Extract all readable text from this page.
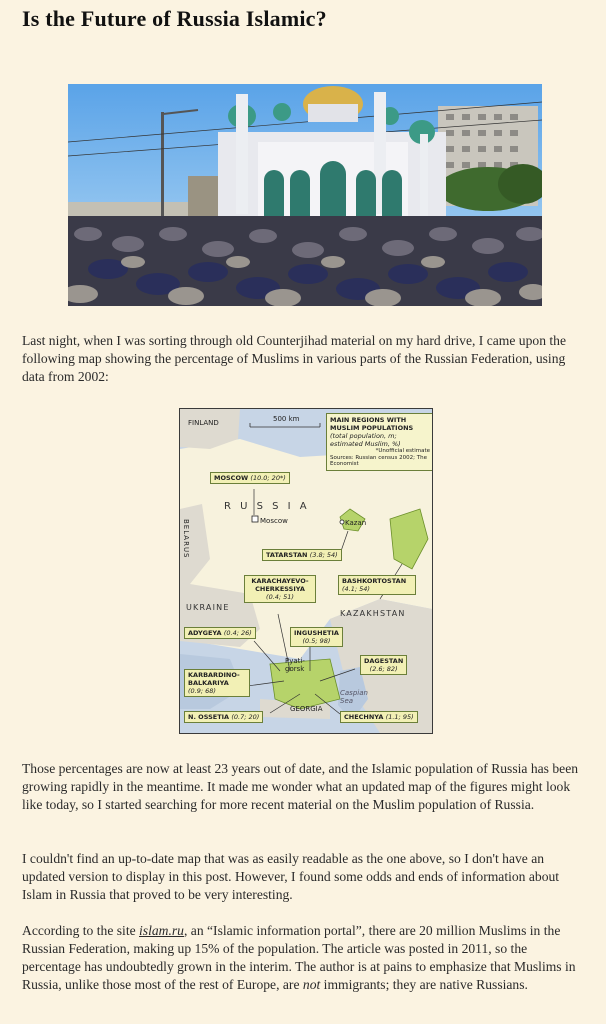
Is the Future of Russia Islamic?

Last night, when I was sorting through old Counterjihad material on my hard drive, I came upon the following map showing the percentage of Muslims in various parts of the Russian Federation, using data from 2002:

FINLAND	500 km
R U S S I A
BELARUS
UKRAINE
KAZAKHSTAN
GEORGIA
Caspian Sea
Moscow	Kazan
Pyati-gorsk
MAIN REGIONS WITH MUSLIM POPULATIONS
(total population, m; estimated Muslim, %)
*Unofficial estimate
Sources: Russian census 2002; The Economist
MOSCOW (10.0; 20*)
TATARSTAN (3.8; 54)
BASHKORTOSTAN
(4.1; 54)
KARACHAYEVO-CHERKESSIYA
(0.4; 51)
ADYGEYA (0.4; 26)	INGUSHETIA
(0.5; 98)
DAGESTAN
(2.6; 82)
KARBARDINO-BALKARIYA
(0.9; 68)
N. OSSETIA (0.7; 20)	CHECHNYA (1.1; 95)

Those percentages are now at least 23 years out of date, and the Islamic population of Russia has been growing rapidly in the meantime. It made me wonder what an updated map of the figures might look like today, so I started searching for more recent material on the Muslim population of Russia.

I couldn't find an up-to-date map that was as easily readable as the one above, so I don't have an updated version to display in this post. However, I found some odds and ends of information about Islam in Russia that proved to be very interesting.

According to the site islam.ru, an “Islamic information portal”, there are 20 million Muslims in the Russian Federation, making up 15% of the population. The article was posted in 2011, so the percentage has undoubtedly grown in the interim. The author is at pains to emphasize that Muslims in Russia, unlike those most of the rest of Europe, are not immigrants; they are native Russians.
